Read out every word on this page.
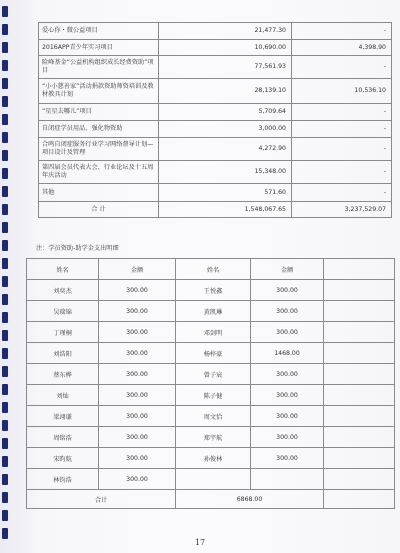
爱心你・微公益项目	21,477.30	-
2016APP青少年实习项目	10,690.00	4,398.90
险峰基金“公益机构组织成长经费资助”项目	77,561.93	-
“小小慈善家”活动捐款资助师资培训及教材教具计划	28,139.10	10,536.10
“星星去哪儿”项目	5,709.64	-
自闭症学员用品、强化物资助	3,000.00	-
合鸣自闭症服务行业学习网络督导计划—项目设计及管理	4,272.90	-
第四届会员代表大会、行业论坛及十五周年庆活动	15,348.00	-
其他	571.60	-
合 计	1,548,067.65	3,237,529.07
注：学员资助-助学金支出明细
姓名	金额	姓名	金额	
刘奕杰	300.00	王悦鑫	300.00	
吴瑞锦	300.00	黄凯琳	300.00	
丁瑾桐	300.00	邓剑明	300.00	
刘浩阳	300.00	杨梓豪	1468.00	
蔡东桦	300.00	曾子宸	300.00	
刘灿	300.00	陈子健	300.00	
梁翊谦	300.00	周文恰	300.00	
周铭浩	300.00	郑宇航	300.00	
宋昀航	300.00	孙俊林	300.00	
林钧浩	300.00			
合计		6868.00		
17
